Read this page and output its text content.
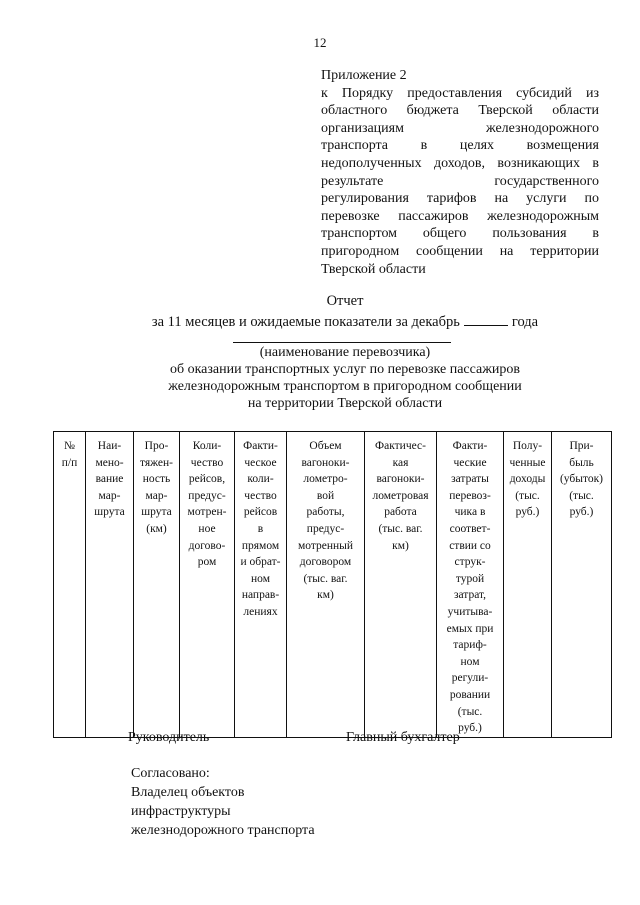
12
Приложение 2
к Порядку предоставления субсидий из
областного бюджета Тверской области
организациям железнодорожного
транспорта в целях возмещения
недополученных доходов, возникающих в
результате государственного
регулирования тарифов на услуги по
перевозке пассажиров железнодорожным
транспортом общего пользования в
пригородном сообщении на территории
Тверской области
Отчет
за 11 месяцев и ожидаемые показатели за декабрь	года
(наименование перевозчика)
об оказании транспортных услуг по перевозке пассажиров
железнодорожным транспортом в пригородном сообщении
на территории Тверской области
№
п/п

Наи-
мено-
вание
мар-
шрута

Про-
тяжен-
ность
мар-
шрута
(км)

Коли-
чество
рейсов,
предус-
мотрен-
ное
догово-
ром

Факти-
ческое
коли-
чество
рейсов
в
прямом
и обрат-
ном
направ-
лениях

Объем
вагонoки-
лометро-
вой
работы,
предус-
мотренный
договором
(тыс. ваг.
км)

Фактичес-
кая
вагонoки-
лометровая
работа
(тыс. ваг.
км)

Факти-
ческие
затраты
перевоз-
чика в
соответ-
ствии со
струк-
турой
затрат,
учитыва-
емых при
тариф-
ном
регули-
ровании
(тыс.
руб.)

Полу-
ченные
доходы
(тыс.
руб.)

При-
быль
(убыток)
(тыс.
руб.)
Руководитель	Главный бухгалтер
Согласовано:
Владелец объектов
инфраструктуры
железнодорожного транспорта
